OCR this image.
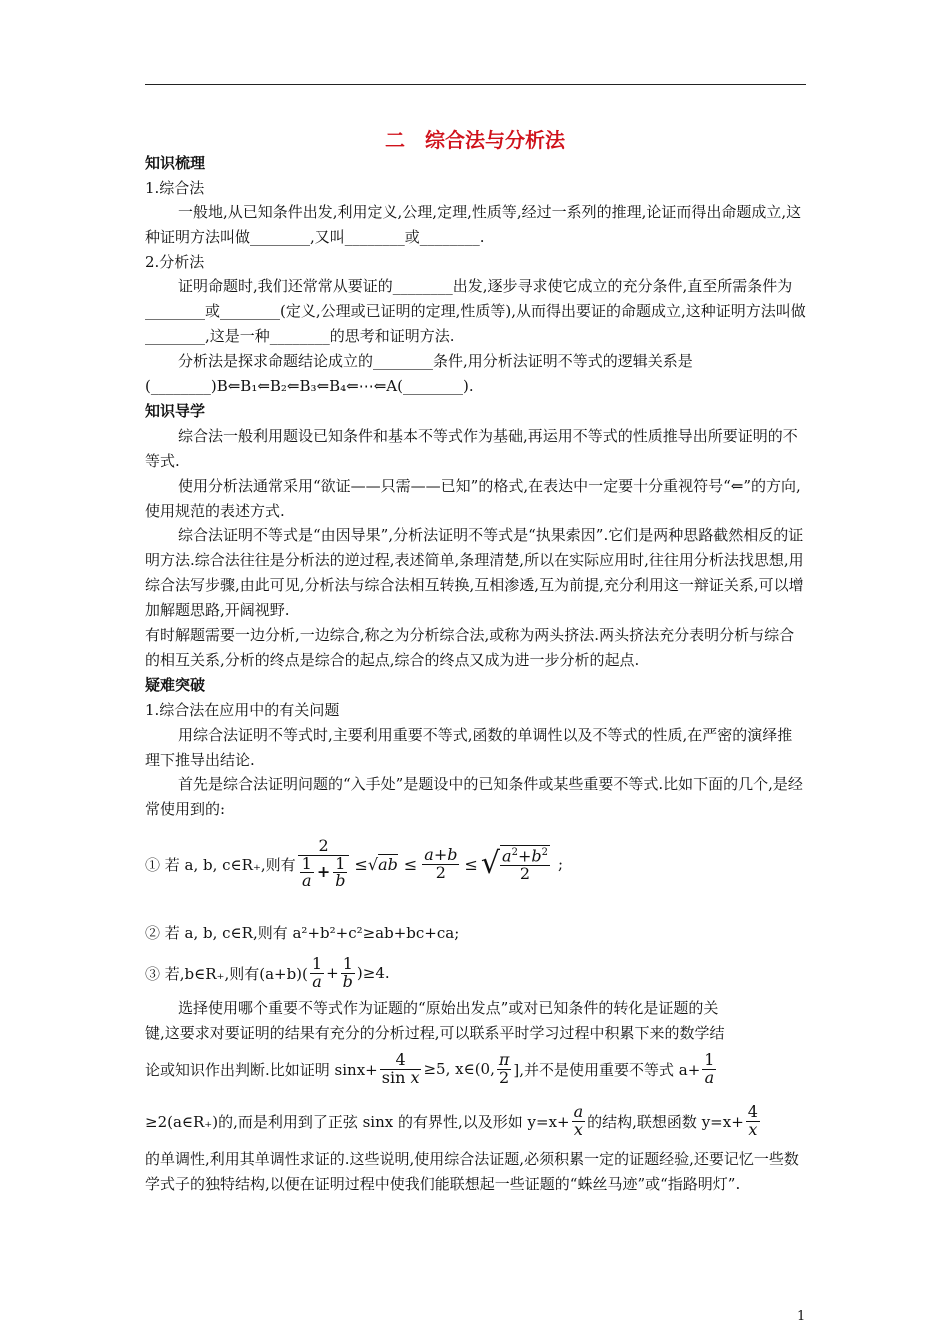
二　综合法与分析法
知识梳理
1.综合法
一般地,从已知条件出发,利用定义,公理,定理,性质等,经过一系列的推理,论证而得出命题成立,这种证明方法叫做________,又叫________或________.
2.分析法
证明命题时,我们还常常从要证的________出发,逐步寻求使它成立的充分条件,直至所需条件为________或________(定义,公理或已证明的定理,性质等),从而得出要证的命题成立,这种证明方法叫做________,这是一种________的思考和证明方法.
分析法是探求命题结论成立的________条件,用分析法证明不等式的逻辑关系是(________)B⇐B₁⇐B₂⇐B₃⇐B₄⇐⋯⇐A(________).
知识导学
综合法一般利用题设已知条件和基本不等式作为基础,再运用不等式的性质推导出所要证明的不等式.
使用分析法通常采用“欲证——只需——已知”的格式,在表达中一定要十分重视符号“⇐”的方向,使用规范的表述方式.
综合法证明不等式是“由因导果”,分析法证明不等式是“执果索因”.它们是两种思路截然相反的证明方法.综合法往往是分析法的逆过程,表述简单,条理清楚,所以在实际应用时,往往用分析法找思想,用综合法写步骤,由此可见,分析法与综合法相互转换,互相渗透,互为前提,充分利用这一辩证关系,可以增加解题思路,开阔视野.
有时解题需要一边分析,一边综合,称之为分析综合法,或称为两头挤法.两头挤法充分表明分析与综合的相互关系,分析的终点是综合的起点,综合的终点又成为进一步分析的起点.
疑难突破
1.综合法在应用中的有关问题
用综合法证明不等式时,主要利用重要不等式,函数的单调性以及不等式的性质,在严密的演绎推理下推导出结论.
首先是综合法证明问题的“入手处”是题设中的已知条件或某些重要不等式.比如下面的几个,是经常使用到的:
① 若 a, b, c∈R₊,则有 $\frac{2}{\frac{1}{a} + \frac{1}{b}} \le√ab \le \frac{a+b}{2}$ ≤ √ $\frac{a^2+b^2}{2}$ ;
② 若 a, b, c∈R,则有 a²+b²+c²≥ab+bc+ca;
③ 若,b∈R₊,则有$(a+b)( \frac{1}{a} + \frac{1}{b} )\ge 4$.
选择使用哪个重要不等式作为证题的“原始出发点”或对已知条件的转化是证题的关
键,这要求对要证明的结果有充分的分析过程,可以联系平时学习过程中积累下来的数学结
论或知识作出判断.比如证明 $\sin x+ \frac{4}{\text{sin x}} \ge 5$, x∈(0, $\frac{\pi}{2}$ ],并不是使用重要不等式 $a+ \frac{1}{a}$
≥2(a∈R₊)的,而是利用到了正弦 sinx 的有界性,以及形如 $y=x+ \frac{a}{x}$ 的结构,联想函数 $y=x+ \frac{4}{x}$
的单调性,利用其单调性求证的.这些说明,使用综合法证题,必须积累一定的证题经验,还要记忆一些数学式子的独特结构,以便在证明过程中使我们能联想起一些证题的“蛛丝马迹”或“指路明灯”.
1
